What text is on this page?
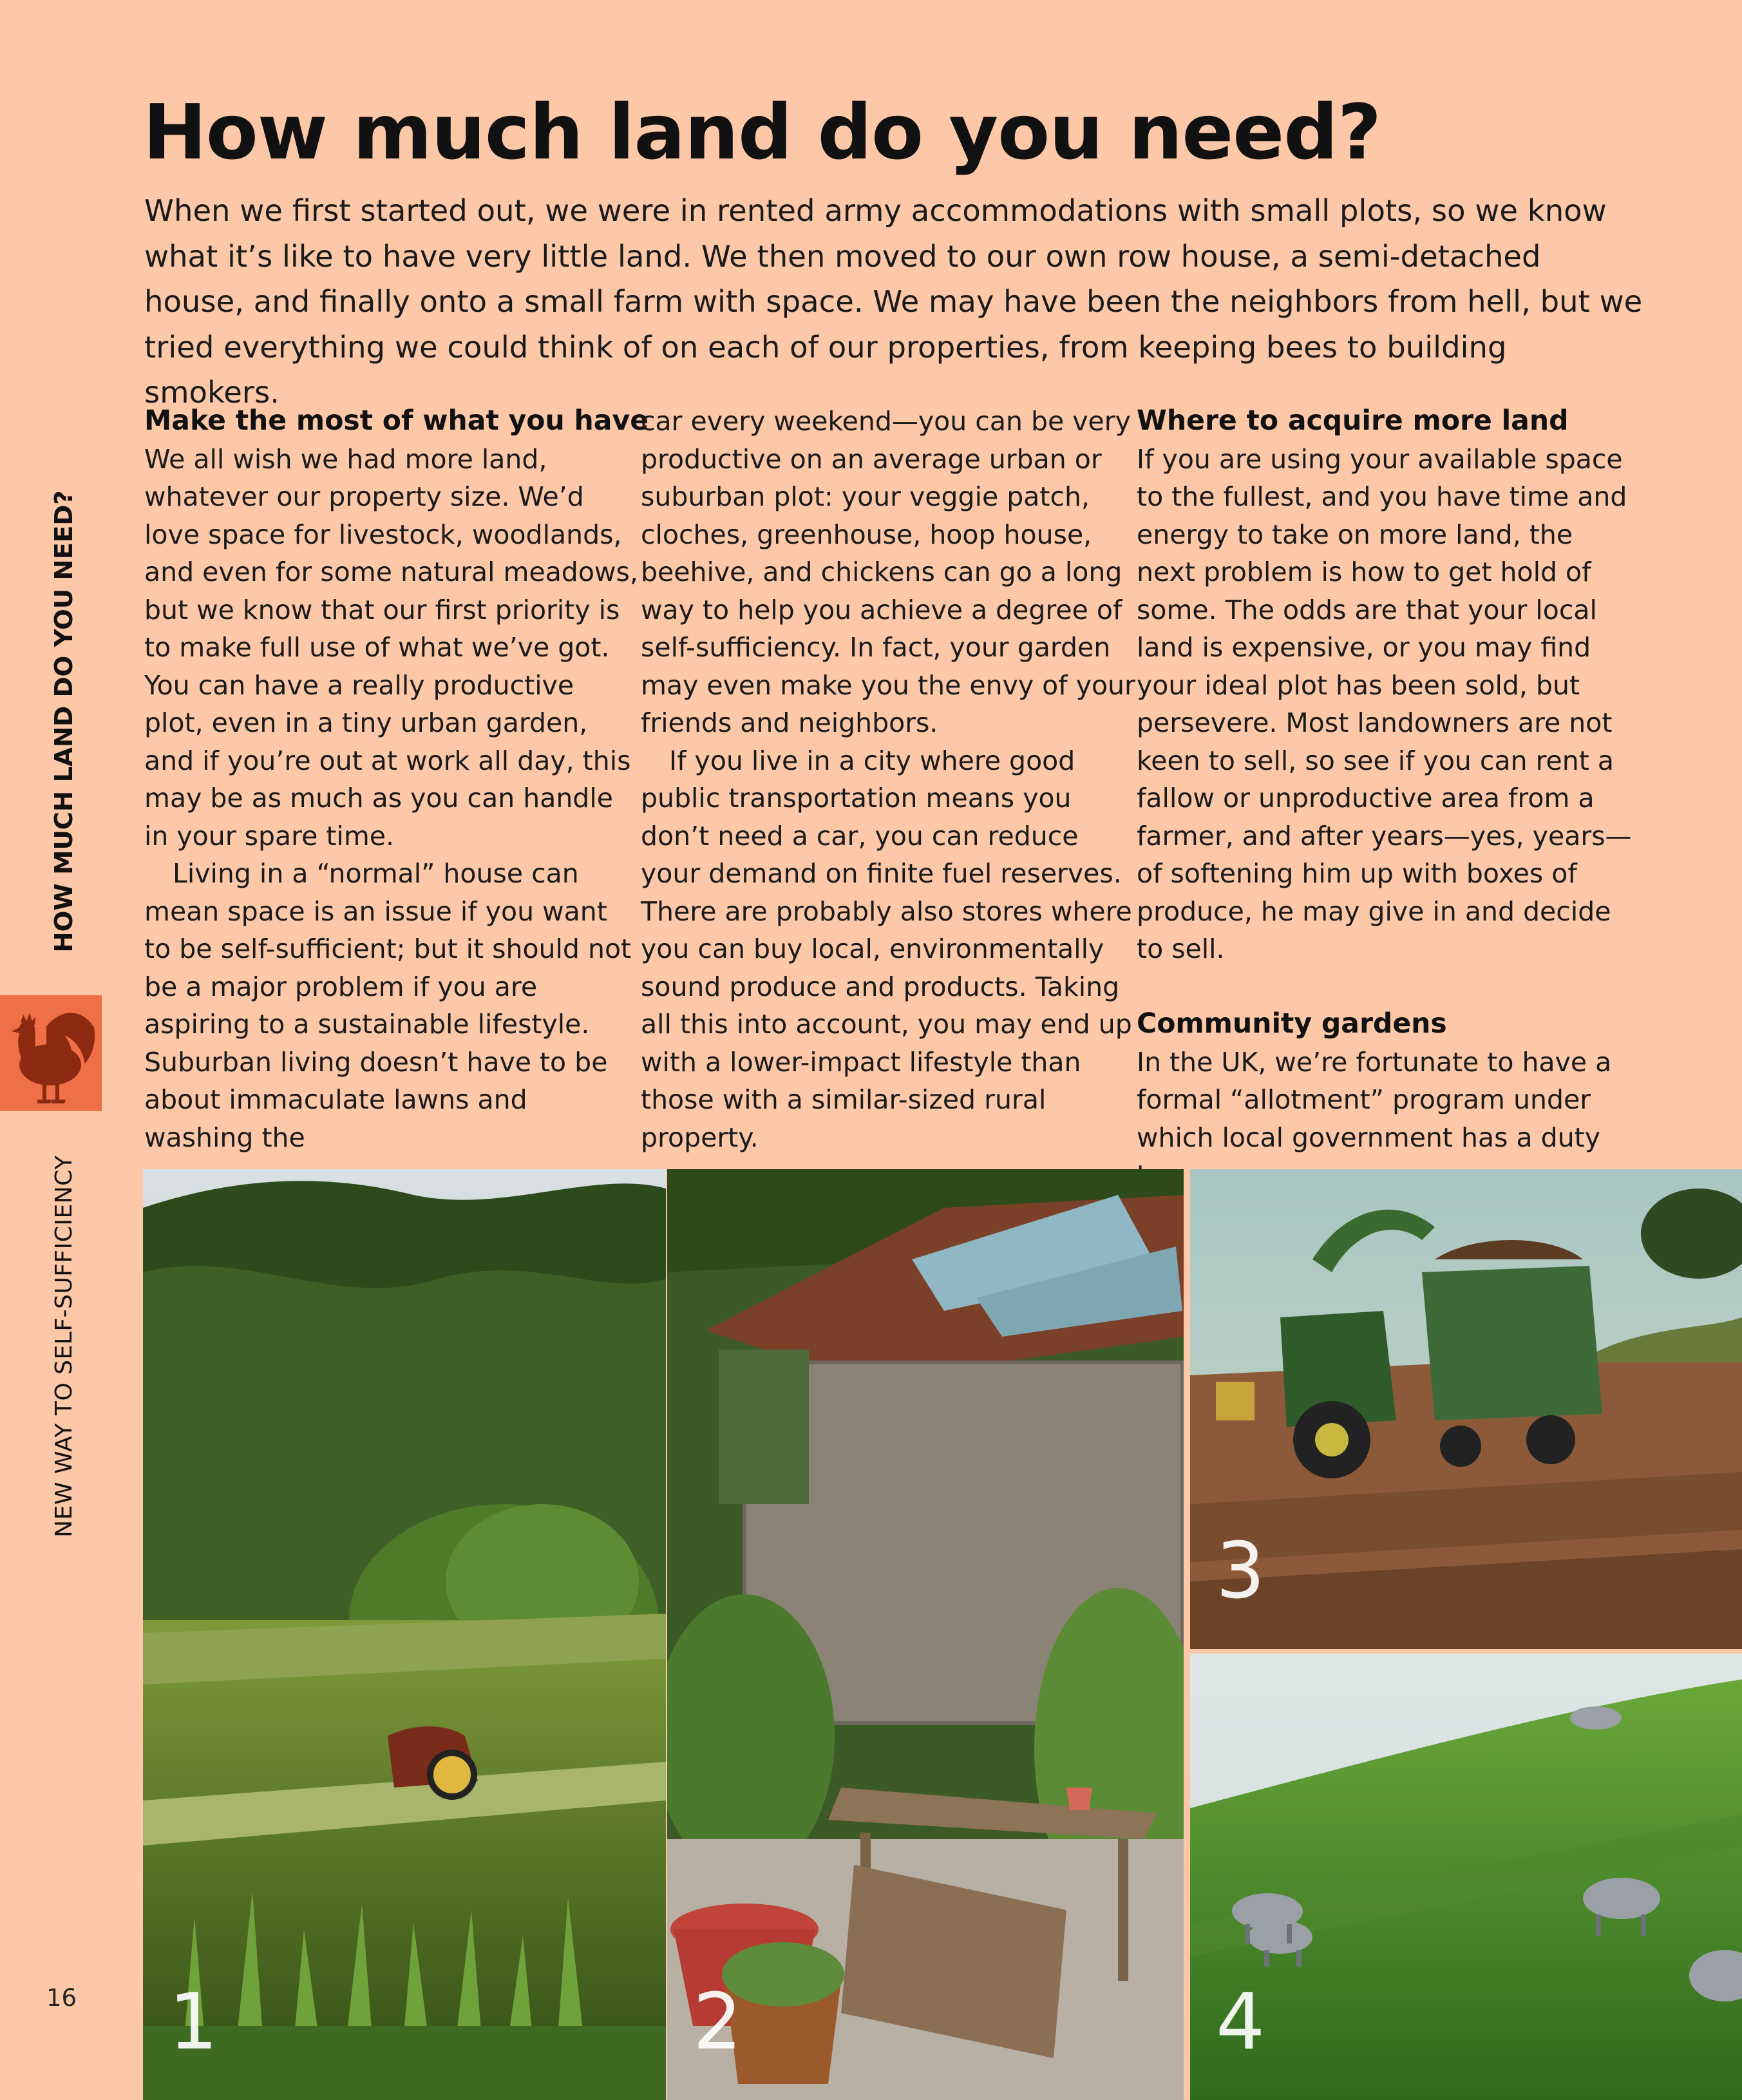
How much land do you need?

When we first started out, we were in rented army accommodations with small plots, so we know what it’s like to have very little land. We then moved to our own row house, a semi-detached house, and finally onto a small farm with space. We may have been the neighbors from hell, but we tried everything we could think of on each of our properties, from keeping bees to building smokers.

Make the most of what you have

We all wish we had more land, whatever our property size. We’d love space for livestock, woodlands, and even for some natural meadows, but we know that our first priority is to make full use of what we’ve got. You can have a really productive plot, even in a tiny urban garden, and if you’re out at work all day, this may be as much as you can handle in your spare time.

Living in a “normal” house can mean space is an issue if you want to be self-sufficient; but it should not be a major problem if you are aspiring to a sustainable lifestyle. Suburban living doesn’t have to be about immaculate lawns and washing the

car every weekend—you can be very productive on an average urban or suburban plot: your veggie patch, cloches, greenhouse, hoop house, beehive, and chickens can go a long way to help you achieve a degree of self-sufficiency. In fact, your garden may even make you the envy of your friends and neighbors.

If you live in a city where good public transportation means you don’t need a car, you can reduce your demand on finite fuel reserves. There are probably also stores where you can buy local, environmentally sound produce and products. Taking all this into account, you may end up with a lower-impact lifestyle than those with a similar-sized rural property.

Where to acquire more land

If you are using your available space to the fullest, and you have time and energy to take on more land, the next problem is how to get hold of some. The odds are that your local land is expensive, or you may find your ideal plot has been sold, but persevere. Most landowners are not keen to sell, so see if you can rent a fallow or unproductive area from a farmer, and after years—yes, years—of softening him up with boxes of produce, he may give in and decide to sell.

Community gardens

In the UK, we’re fortunate to have a formal “allotment” program under which local government has a duty

HOW MUCH LAND DO YOU NEED?
NEW WAY TO SELF-SUFFICIENCY
16 1	2
3
4
